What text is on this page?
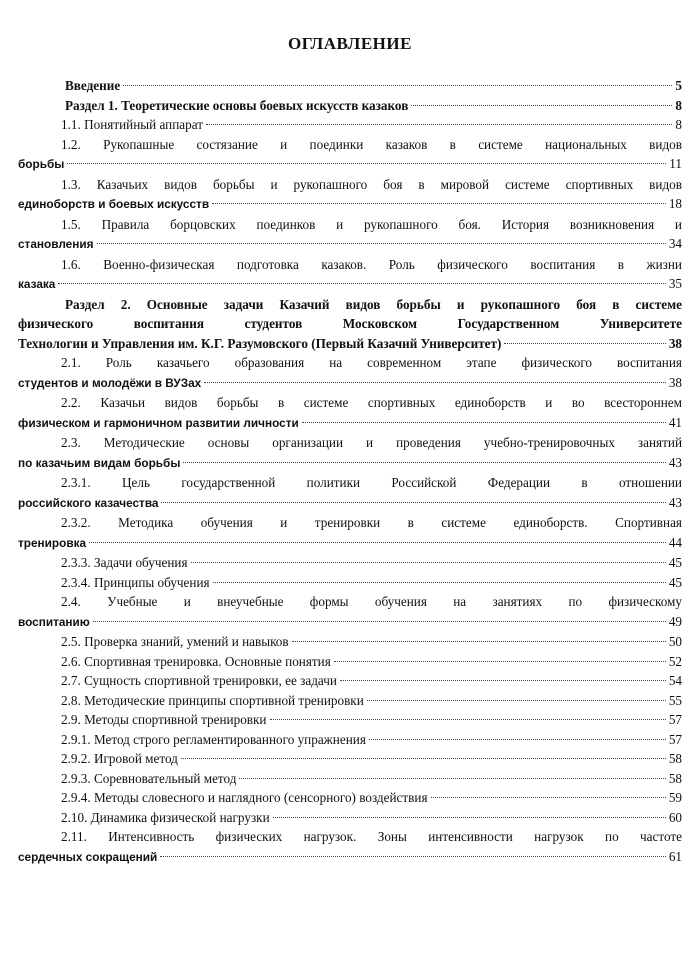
ОГЛАВЛЕНИЕ
Введение	5
Раздел 1. Теоретические основы боевых искусств казаков	8
1.1. Понятийный аппарат	8
1.2. Рукопашные состязание и поединки казаков в системе национальных видов
борьбы	11
1.3. Казачьих видов борьбы и рукопашного боя в мировой системе спортивных видов
единоборств и боевых искусств	18
1.5. Правила борцовских поединков и рукопашного боя. История возникновения и
становления	34
1.6. Военно-физическая подготовка казаков. Роль физического воспитания в жизни
казака	35
Раздел 2. Основные задачи Казачий видов борьбы и рукопашного боя в системе
физического воспитания студентов Московском Государственном Университете
Технологии и Управления им. К.Г. Разумовского (Первый Казачий Университет)	38
2.1. Роль казачьего образования на современном этапе физического воспитания
студентов и молодёжи в ВУЗах	38
2.2. Казачьи видов борьбы в системе спортивных единоборств и во всестороннем
физическом и гармоничном развитии личности	41
2.3. Методические основы организации и проведения учебно-тренировочных занятий
по казачьим видам борьбы	43
2.3.1. Цель государственной политики Российской Федерации в отношении
российского казачества	43
2.3.2. Методика обучения и тренировки в системе единоборств. Спортивная
тренировка	44
2.3.3. Задачи обучения	45
2.3.4. Принципы обучения	45
2.4. Учебные и внеучебные формы обучения на занятиях по физическому
воспитанию	49
2.5. Проверка знаний, умений и навыков	50
2.6. Спортивная тренировка. Основные понятия	52
2.7. Сущность спортивной тренировки, ее задачи	54
2.8. Методические принципы спортивной тренировки	55
2.9. Методы спортивной тренировки	57
2.9.1. Метод строго регламентированного упражнения	57
2.9.2. Игровой метод	58
2.9.3. Соревновательный метод	58
2.9.4. Методы словесного и наглядного (сенсорного) воздействия	59
2.10. Динамика физической нагрузки	60
2.11. Интенсивность физических нагрузок. Зоны интенсивности нагрузок по частоте
сердечных сокращений	61
